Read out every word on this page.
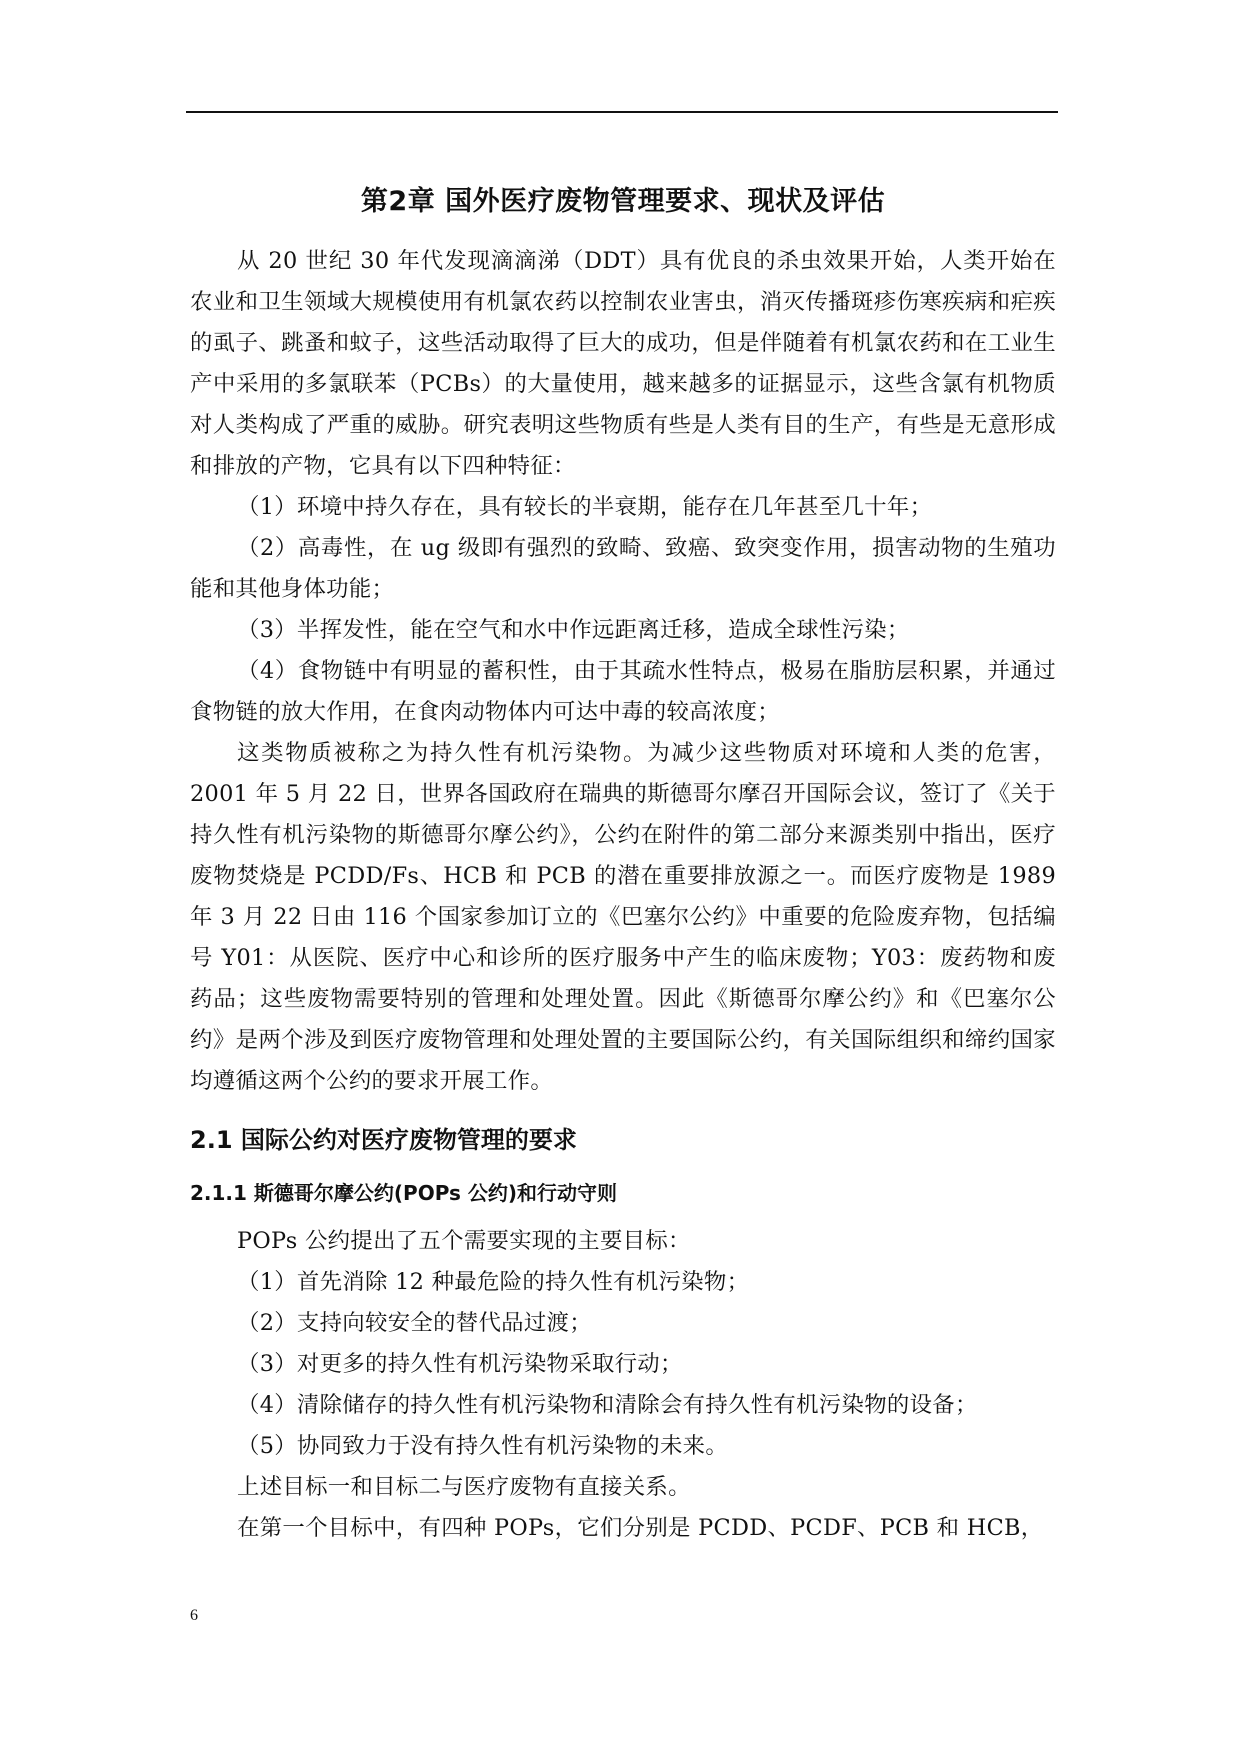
第2章 国外医疗废物管理要求、现状及评估

从 20 世纪 30 年代发现滴滴涕（DDT）具有优良的杀虫效果开始，人类开始在农业和卫生领域大规模使用有机氯农药以控制农业害虫，消灭传播斑疹伤寒疾病和疟疾的虱子、跳蚤和蚊子，这些活动取得了巨大的成功，但是伴随着有机氯农药和在工业生产中采用的多氯联苯（PCBs）的大量使用，越来越多的证据显示，这些含氯有机物质对人类构成了严重的威胁。研究表明这些物质有些是人类有目的生产，有些是无意形成和排放的产物，它具有以下四种特征：

（1）环境中持久存在，具有较长的半衰期，能存在几年甚至几十年；

（2）高毒性，在 ug 级即有强烈的致畸、致癌、致突变作用，损害动物的生殖功能和其他身体功能；

（3）半挥发性，能在空气和水中作远距离迁移，造成全球性污染；

（4）食物链中有明显的蓄积性，由于其疏水性特点，极易在脂肪层积累，并通过食物链的放大作用，在食肉动物体内可达中毒的较高浓度；

这类物质被称之为持久性有机污染物。为减少这些物质对环境和人类的危害，2001 年 5 月 22 日，世界各国政府在瑞典的斯德哥尔摩召开国际会议，签订了《关于持久性有机污染物的斯德哥尔摩公约》，公约在附件的第二部分来源类别中指出，医疗废物焚烧是 PCDD/Fs、HCB 和 PCB 的潜在重要排放源之一。而医疗废物是 1989 年 3 月 22 日由 116 个国家参加订立的《巴塞尔公约》中重要的危险废弃物，包括编号 Y01：从医院、医疗中心和诊所的医疗服务中产生的临床废物；Y03：废药物和废药品；这些废物需要特别的管理和处理处置。因此《斯德哥尔摩公约》和《巴塞尔公约》是两个涉及到医疗废物管理和处理处置的主要国际公约，有关国际组织和缔约国家均遵循这两个公约的要求开展工作。

2.1 国际公约对医疗废物管理的要求
2.1.1 斯德哥尔摩公约(POPs 公约)和行动守则

POPs 公约提出了五个需要实现的主要目标：

（1）首先消除 12 种最危险的持久性有机污染物；

（2）支持向较安全的替代品过渡；

（3）对更多的持久性有机污染物采取行动；

（4）清除储存的持久性有机污染物和清除会有持久性有机污染物的设备；

（5）协同致力于没有持久性有机污染物的未来。

上述目标一和目标二与医疗废物有直接关系。

在第一个目标中，有四种 POPs，它们分别是 PCDD、PCDF、PCB 和 HCB，

6
